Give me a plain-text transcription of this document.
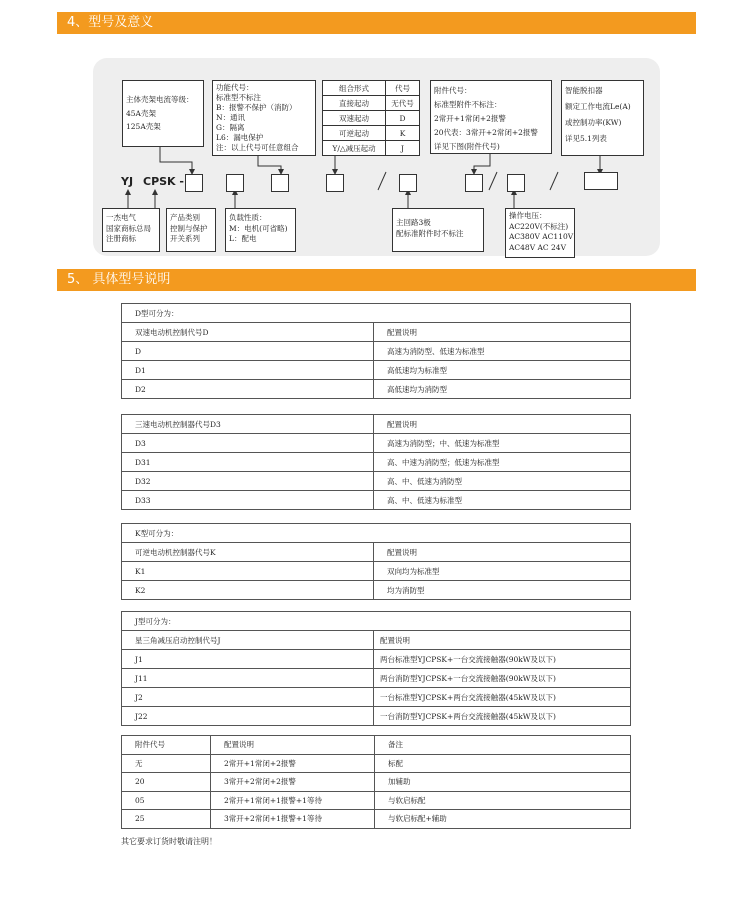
4、型号及意义
5、 具体型号说明
主体壳架电流等级：
45A壳架
125A壳架
功能代号：
标准型不标注
B：报警不保护（消防）
N：通讯
G：隔离
L6：漏电保护
注：以上代号可任意组合
组合形式	代号
直接起动	无代号
双速起动	D
可逆起动	K
Y/△减压起动	J
附件代号：
标准型附件不标注：
2常开+1常闭+2报警
20代表：3常开+2常闭+2报警
详见下图(附件代号)
智能脱扣器
额定工作电流Le(A)
或控制功率(KW)
详见5.1列表
YJ CPSK -
一杰电气
国家商标总局
注册商标
产品类别
控制与保护
开关系列
负载性质：
M：电机(可省略)
L：配电
主回路3极
配标准附件时不标注
操作电压：
AC220V(不标注)
AC380V AC110V
AC48V AC 24V
D型可分为：	
双速电动机控制代号D	配置说明
D	高速为消防型、低速为标准型
D1	高低速均为标准型
D2	高低速均为消防型
三速电动机控制器代号D3	配置说明
D3	高速为消防型；中、低速为标准型
D31	高、中速为消防型；低速为标准型
D32	高、中、低速为消防型
D33	高、中、低速为标准型
K型可分为：	
可逆电动机控制器代号K	配置说明
K1	双向均为标准型
K2	均为消防型
J型可分为：	
星三角减压启动控制代号J	配置说明
J1	两台标准型YJCPSK+一台交流接触器(90kW及以下)
J11	两台消防型YJCPSK+一台交流接触器(90kW及以下)
J2	一台标准型YJCPSK+两台交流接触器(45kW及以下)
J22	一台消防型YJCPSK+两台交流接触器(45kW及以下)
附件代号	配置说明	备注
无	2常开+1常闭+2报警	标配
20	3常开+2常闭+2报警	加辅助
05	2常开+1常闭+1报警+1等待	与软启标配
25	3常开+2常闭+1报警+1等待	与软启标配+辅助
其它要求订货时敬请注明！
